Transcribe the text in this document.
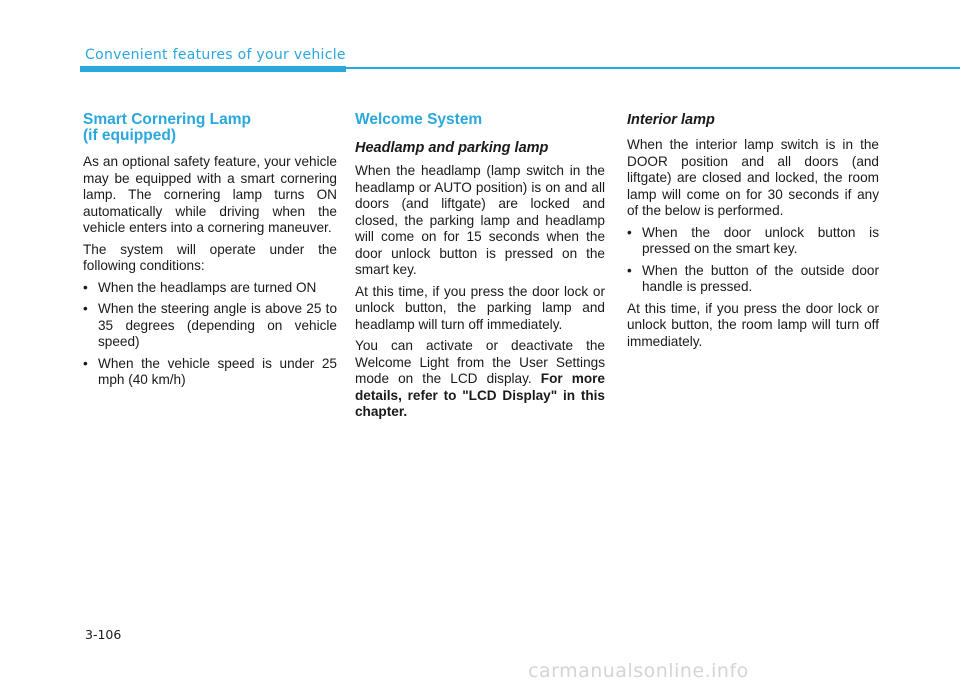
Convenient features of your vehicle
Smart Cornering Lamp
(if equipped)

As an optional safety feature, your vehicle may be equipped with a smart cornering lamp. The cornering lamp turns ON automatically while driving when the vehicle enters into a cornering maneuver.

The system will operate under the following conditions:

• When the headlamps are turned ON
• When the steering angle is above 25 to 35 degrees (depending on vehicle speed)
• When the vehicle speed is under 25 mph (40 km/h)
Welcome System
Headlamp and parking lamp

When the headlamp (lamp switch in the headlamp or AUTO position) is on and all doors (and liftgate) are locked and closed, the parking lamp and headlamp will come on for 15 seconds when the door unlock button is pressed on the smart key.

At this time, if you press the door lock or unlock button, the parking lamp and headlamp will turn off immediately.

You can activate or deactivate the Welcome Light from the User Settings mode on the LCD display. For more details, refer to "LCD Display" in this chapter.

Interior lamp

When the interior lamp switch is in the DOOR position and all doors (and liftgate) are closed and locked, the room lamp will come on for 30 seconds if any of the below is performed.

• When the door unlock button is pressed on the smart key.
• When the button of the outside door handle is pressed.

At this time, if you press the door lock or unlock button, the room lamp will turn off immediately.

3-106
carmanualsonline.info
